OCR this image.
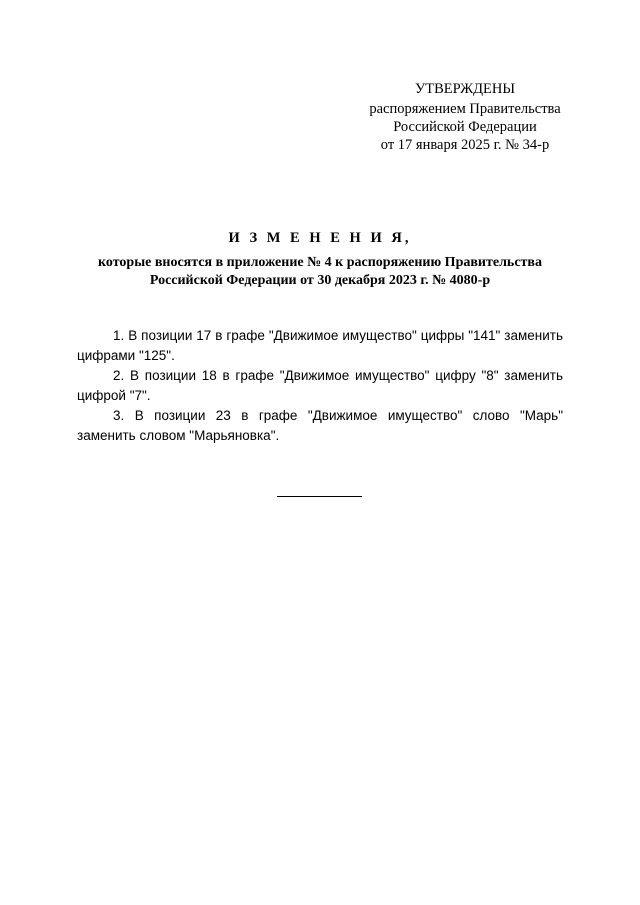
УТВЕРЖДЕНЫ
распоряжением Правительства
Российской Федерации
от 17 января 2025 г. № 34-р
И З М Е Н Е Н И Я,
которые вносятся в приложение № 4 к распоряжению Правительства
Российской Федерации от 30 декабря 2023 г. № 4080-р

1. В позиции 17 в графе "Движимое имущество" цифры "141" заменить цифрами "125".

2. В позиции 18 в графе "Движимое имущество" цифру "8" заменить цифрой "7".

3. В позиции 23 в графе "Движимое имущество" слово "Марь" заменить словом "Марьяновка".
